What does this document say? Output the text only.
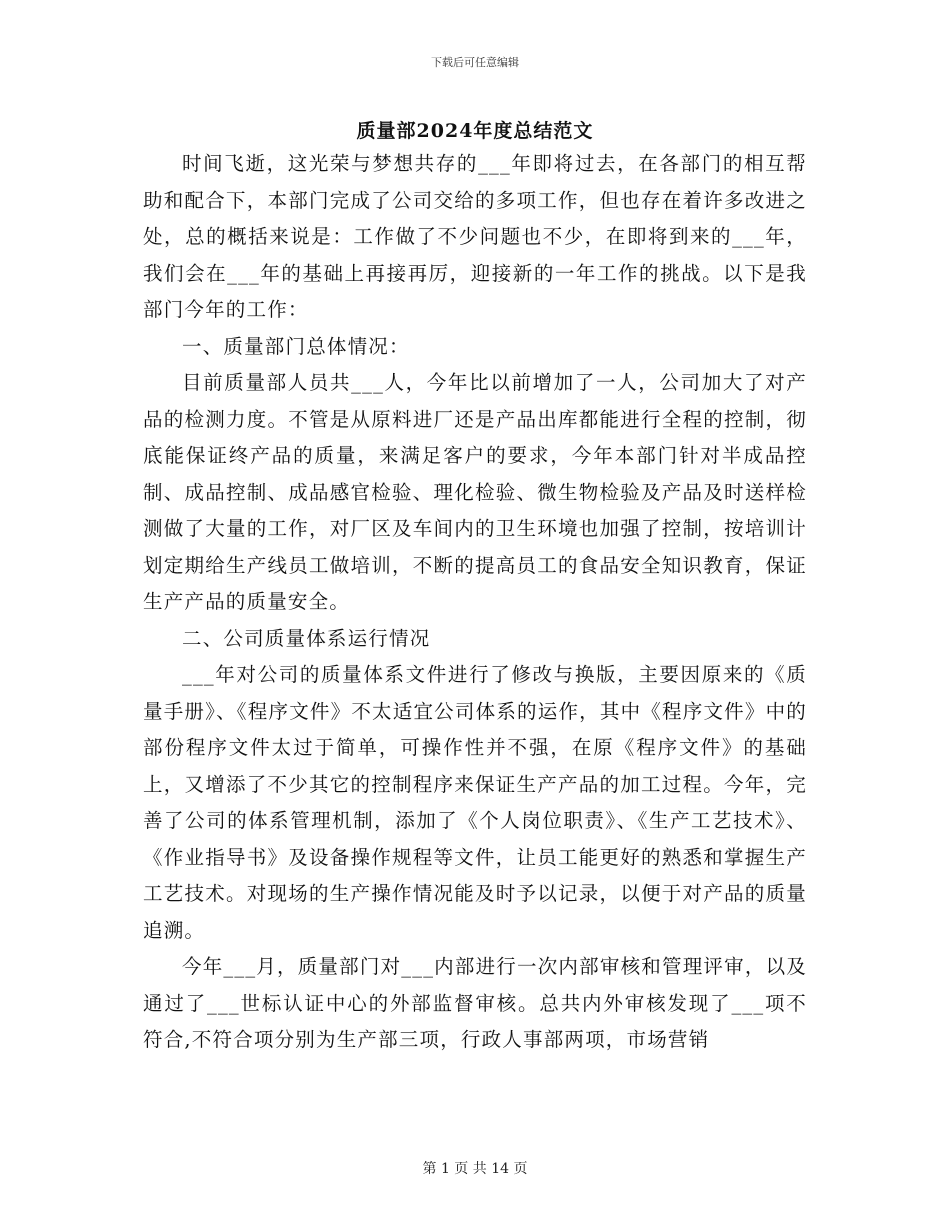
下载后可任意编辑
质量部2024年度总结范文

时间飞逝，这光荣与梦想共存的___年即将过去，在各部门的相互帮助和配合下，本部门完成了公司交给的多项工作，但也存在着许多改进之处，总的概括来说是：工作做了不少问题也不少，在即将到来的___年，我们会在___年的基础上再接再厉，迎接新的一年工作的挑战。以下是我部门今年的工作：

一、质量部门总体情况：

目前质量部人员共___人，今年比以前增加了一人，公司加大了对产品的检测力度。不管是从原料进厂还是产品出库都能进行全程的控制，彻底能保证终产品的质量，来满足客户的要求，今年本部门针对半成品控制、成品控制、成品感官检验、理化检验、微生物检验及产品及时送样检测做了大量的工作，对厂区及车间内的卫生环境也加强了控制，按培训计划定期给生产线员工做培训，不断的提高员工的食品安全知识教育，保证生产产品的质量安全。

二、公司质量体系运行情况

___年对公司的质量体系文件进行了修改与换版，主要因原来的《质量手册》、《程序文件》不太适宜公司体系的运作，其中《程序文件》中的部份程序文件太过于简单，可操作性并不强，在原《程序文件》的基础上，又增添了不少其它的控制程序来保证生产产品的加工过程。今年，完善了公司的体系管理机制，添加了《个人岗位职责》、《生产工艺技术》、《作业指导书》及设备操作规程等文件，让员工能更好的熟悉和掌握生产工艺技术。对现场的生产操作情况能及时予以记录，以便于对产品的质量追溯。

今年___月，质量部门对___内部进行一次内部审核和管理评审，以及通过了___世标认证中心的外部监督审核。总共内外审核发现了___项不符合,不符合项分别为生产部三项，行政人事部两项，市场营销

第 1 页 共 14 页
